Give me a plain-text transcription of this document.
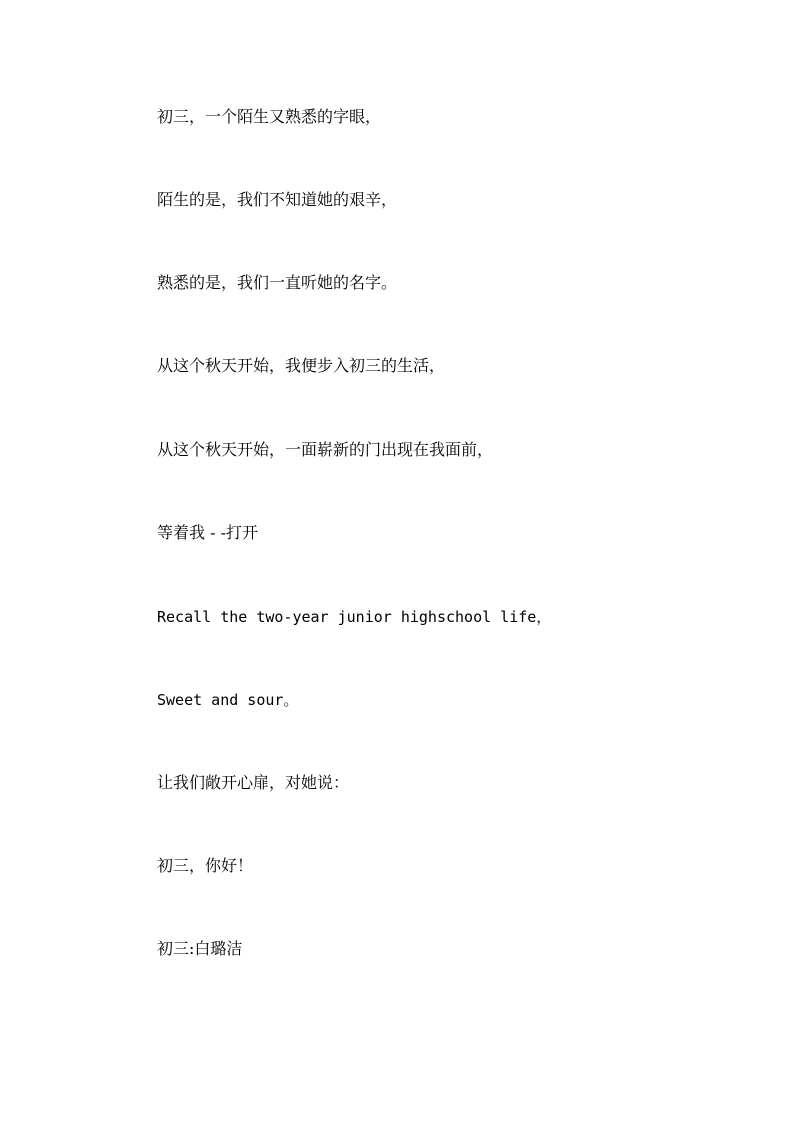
初三，一个陌生又熟悉的字眼，

陌生的是，我们不知道她的艰辛，

熟悉的是，我们一直听她的名字。

从这个秋天开始，我便步入初三的生活，

从这个秋天开始，一面崭新的门出现在我面前，

等着我 - -打开

Recall the two-year junior highschool life，

Sweet and sour。

让我们敞开心扉，对她说：

初三，你好！

初三:白璐洁
